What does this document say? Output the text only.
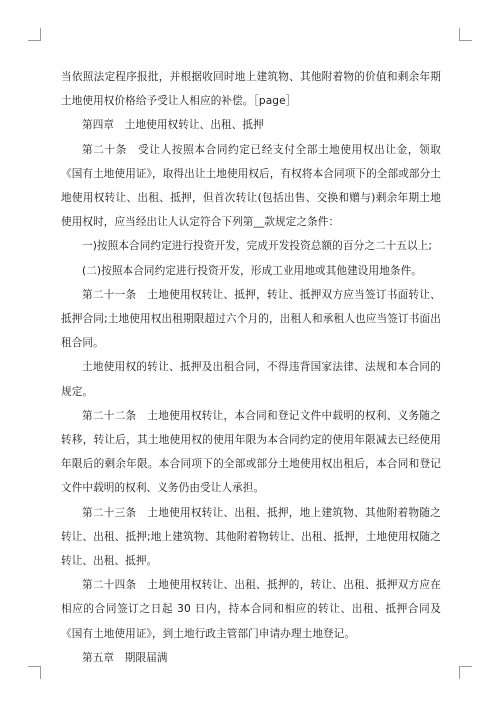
当依照法定程序报批，并根据收回时地上建筑物、其他附着物的价值和剩余年期土地使用权价格给予受让人相应的补偿。［page］

第四章　土地使用权转让、出租、抵押

第二十条　受让人按照本合同约定已经支付全部土地使用权出让金，领取《国有土地使用证》，取得出让土地使用权后，有权将本合同项下的全部或部分土地使用权转让、出租、抵押，但首次转让(包括出售、交换和赠与)剩余年期土地使用权时，应当经出让人认定符合下列第__款规定之条件：

一)按照本合同约定进行投资开发，完成开发投资总额的百分之二十五以上;

(二)按照本合同约定进行投资开发，形成工业用地或其他建设用地条件。

第二十一条　土地使用权转让、抵押，转让、抵押双方应当签订书面转让、抵押合同;土地使用权出租期限超过六个月的，出租人和承租人也应当签订书面出租合同。

土地使用权的转让、抵押及出租合同，不得违背国家法律、法规和本合同的规定。

第二十二条　土地使用权转让，本合同和登记文件中载明的权利、义务随之转移，转让后，其土地使用权的使用年限为本合同约定的使用年限减去已经使用年限后的剩余年限。本合同项下的全部或部分土地使用权出租后，本合同和登记文件中载明的权利、义务仍由受让人承担。

第二十三条　土地使用权转让、出租、抵押，地上建筑物、其他附着物随之转让、出租、抵押;地上建筑物、其他附着物转让、出租、抵押，土地使用权随之转让、出租、抵押。

第二十四条　土地使用权转让、出租、抵押的，转让、出租、抵押双方应在相应的合同签订之日起 30 日内，持本合同和相应的转让、出租、抵押合同及《国有土地使用证》，到土地行政主管部门申请办理土地登记。

第五章　期限届满
